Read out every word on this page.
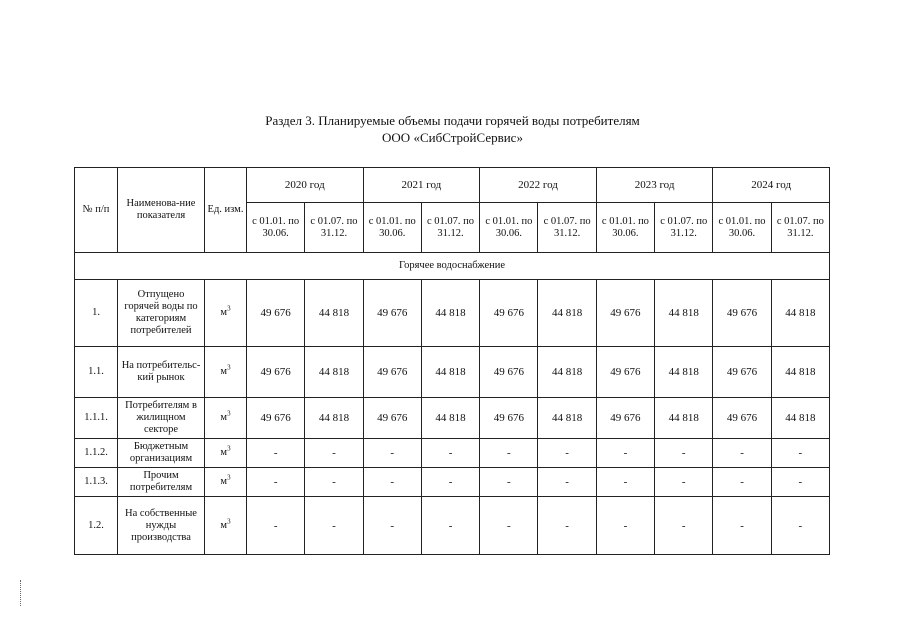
Раздел 3. Планируемые объемы подачи горячей воды потребителям
ООО «СибСтройСервис»
№ п/п	Наименова-ние показателя	Ед. изм.	2020 год		2021 год		2022 год		2023 год		2024 год	
			с 01.01. по 30.06.	с 01.07. по 31.12.	с 01.01. по 30.06.	с 01.07. по 31.12.	с 01.01. по 30.06.	с 01.07. по 31.12.	с 01.01. по 30.06.	с 01.07. по 31.12.	с 01.01. по 30.06.	с 01.07. по 31.12.
Горячее водоснабжение												
1.	Отпущено горячей воды по категориям потребителей	$м^3$	49 676	44 818	49 676	44 818	49 676	44 818	49 676	44 818	49 676	44 818
1.1.	На потребительс-кий рынок	$м^3$	49 676	44 818	49 676	44 818	49 676	44 818	49 676	44 818	49 676	44 818
1.1.1.	Потребителям в жилищном секторе	$м^3$	49 676	44 818	49 676	44 818	49 676	44 818	49 676	44 818	49 676	44 818
1.1.2.	Бюджетным организациям	$м^3$	-	-	-	-	-	-	-	-	-	-
1.1.3.	Прочим потребителям	$м^3$	-	-	-	-	-	-	-	-	-	-
1.2.	На собственные нужды производства	$м^3$	-	-	-	-	-	-	-	-	-	-
